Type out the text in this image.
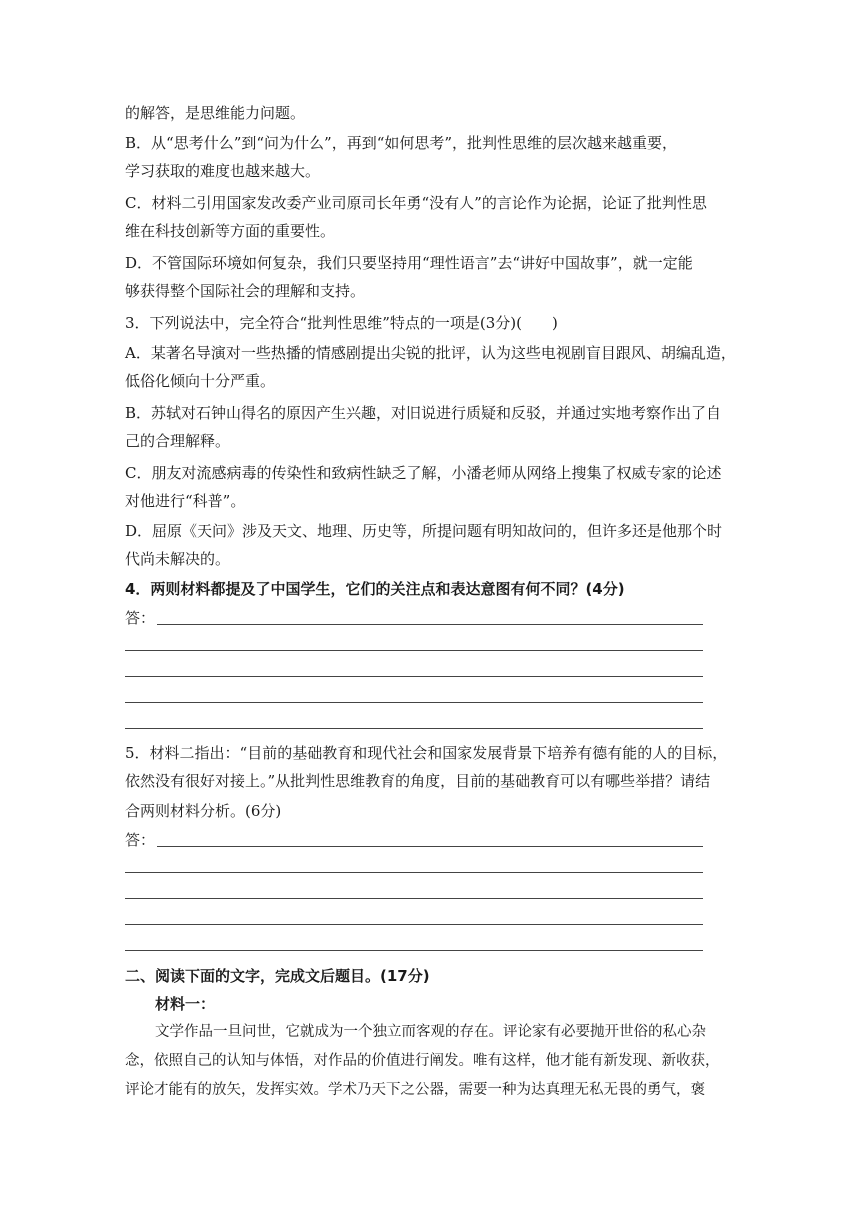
的解答，是思维能力问题。
B．从“思考什么”到“问为什么”，再到“如何思考”，批判性思维的层次越来越重要，
学习获取的难度也越来越大。
C．材料二引用国家发改委产业司原司长年勇“没有人”的言论作为论据，论证了批判性思
维在科技创新等方面的重要性。
D．不管国际环境如何复杂，我们只要坚持用“理性语言”去“讲好中国故事”，就一定能
够获得整个国际社会的理解和支持。
3．下列说法中，完全符合“批判性思维”特点的一项是(3分)(　　)
A．某著名导演对一些热播的情感剧提出尖锐的批评，认为这些电视剧盲目跟风、胡编乱造，
低俗化倾向十分严重。
B．苏轼对石钟山得名的原因产生兴趣，对旧说进行质疑和反驳，并通过实地考察作出了自
己的合理解释。
C．朋友对流感病毒的传染性和致病性缺乏了解，小潘老师从网络上搜集了权威专家的论述
对他进行“科普”。
D．屈原《天问》涉及天文、地理、历史等，所提问题有明知故问的，但许多还是他那个时
代尚未解决的。
4．两则材料都提及了中国学生，它们的关注点和表达意图有何不同？(4分)
答：
5．材料二指出：“目前的基础教育和现代社会和国家发展背景下培养有德有能的人的目标，
依然没有很好对接上。”从批判性思维教育的角度，目前的基础教育可以有哪些举措？请结
合两则材料分析。(6分)
答：
二、阅读下面的文字，完成文后题目。(17分)
材料一：
文学作品一旦问世，它就成为一个独立而客观的存在。评论家有必要抛开世俗的私心杂
念，依照自己的认知与体悟，对作品的价值进行阐发。唯有这样，他才能有新发现、新收获，
评论才能有的放矢，发挥实效。学术乃天下之公器，需要一种为达真理无私无畏的勇气，褒
